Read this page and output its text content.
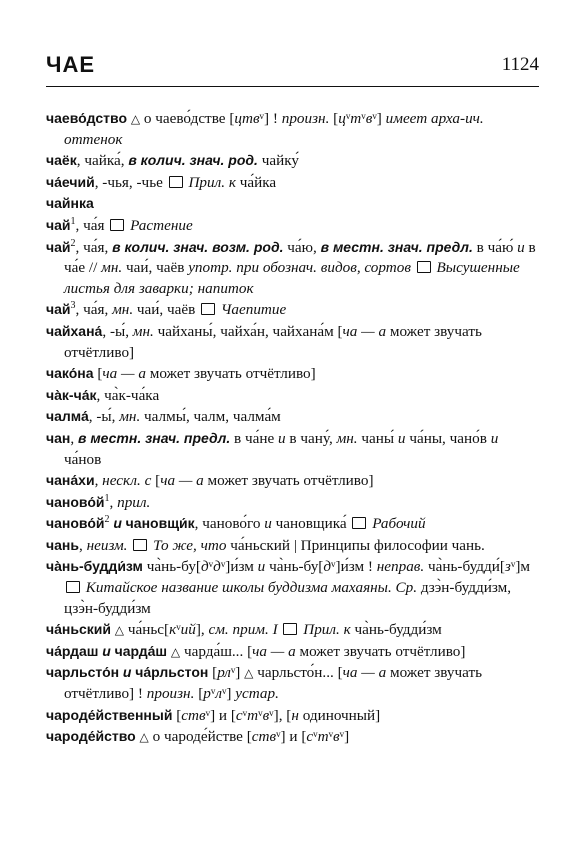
ЧАЕ	1124
чаево́дство △ о чаево́дстве [цтвᵛ] ! произн. [цᵛтᵛвᵛ] имеет арха-ич. оттенок
чаёк, чайка́, в колич. знач. род. чайку́
ча́ечий, -чья, -чье  Прил. к ча́йка
чайнка
чай$^1$, ча́я  Растение
чай$^2$, ча́я, в колич. знач. возм. род. ча́ю, в местн. знач. предл. в ча́ю́ и в ча́е // мн. чаи́, чаёв употр. при обознач. видов, сортов Высушенные листья для заварки; напиток
чай$^3$, ча́я, мн. чаи́, чаёв  Чаепитие
чайхана́, -ы́, мн. чайханы́, чайха́н, чайхана́м [ча — а может звучать отчётливо]
чако́на [ча — а может звучать отчётливо]
ча̀к-ча́к, ча̀к-ча́ка
чалма́, -ы́, мн. чалмы́, чалм, чалма́м
чан, в местн. знач. предл. в ча́не и в чану́, мн. чаны́ и ча́ны, чано́в и ча́нов
чана́хи, нескл. с [ча — а может звучать отчётливо]
$чаново́й^1$, прил.
$чаново́й^2$ и чановщи́к, чаново́го и чановщика́  Рабочий
чань, неизм. То же, что ча́ньский | Принципы философии чань.
ча̀нь-будди́зм ча̀нь-бу[дᵛдᵛ]и́зм и ча̀нь-бу[дᵛ]и́зм ! неправ. ча̀нь-будди́[зᵛ]м  Китайское название школы буддизма махаяны. Ср. дзэ̀н-будди́зм, цзэ̀н-будди́зм
ча́ньский △ ча́ньс[кᵛий], см. прим. I Прил. к ча̀нь-будди́зм
ча́рдаш и чарда́ш △ чарда́ш... [ча — а может звучать отчётливо]
чарльсто́н и ча́рльстон [рлᵛ] △ чарльсто́н... [ча — а может звучать отчётливо] ! произн. [рᵛлᵛ] устар.
чароде́йственный [ствᵛ] и [сᵛтᵛвᵛ], [н одиночный]
чароде́йство △ о чароде́йстве [ствᵛ] и [сᵛтᵛвᵛ]
